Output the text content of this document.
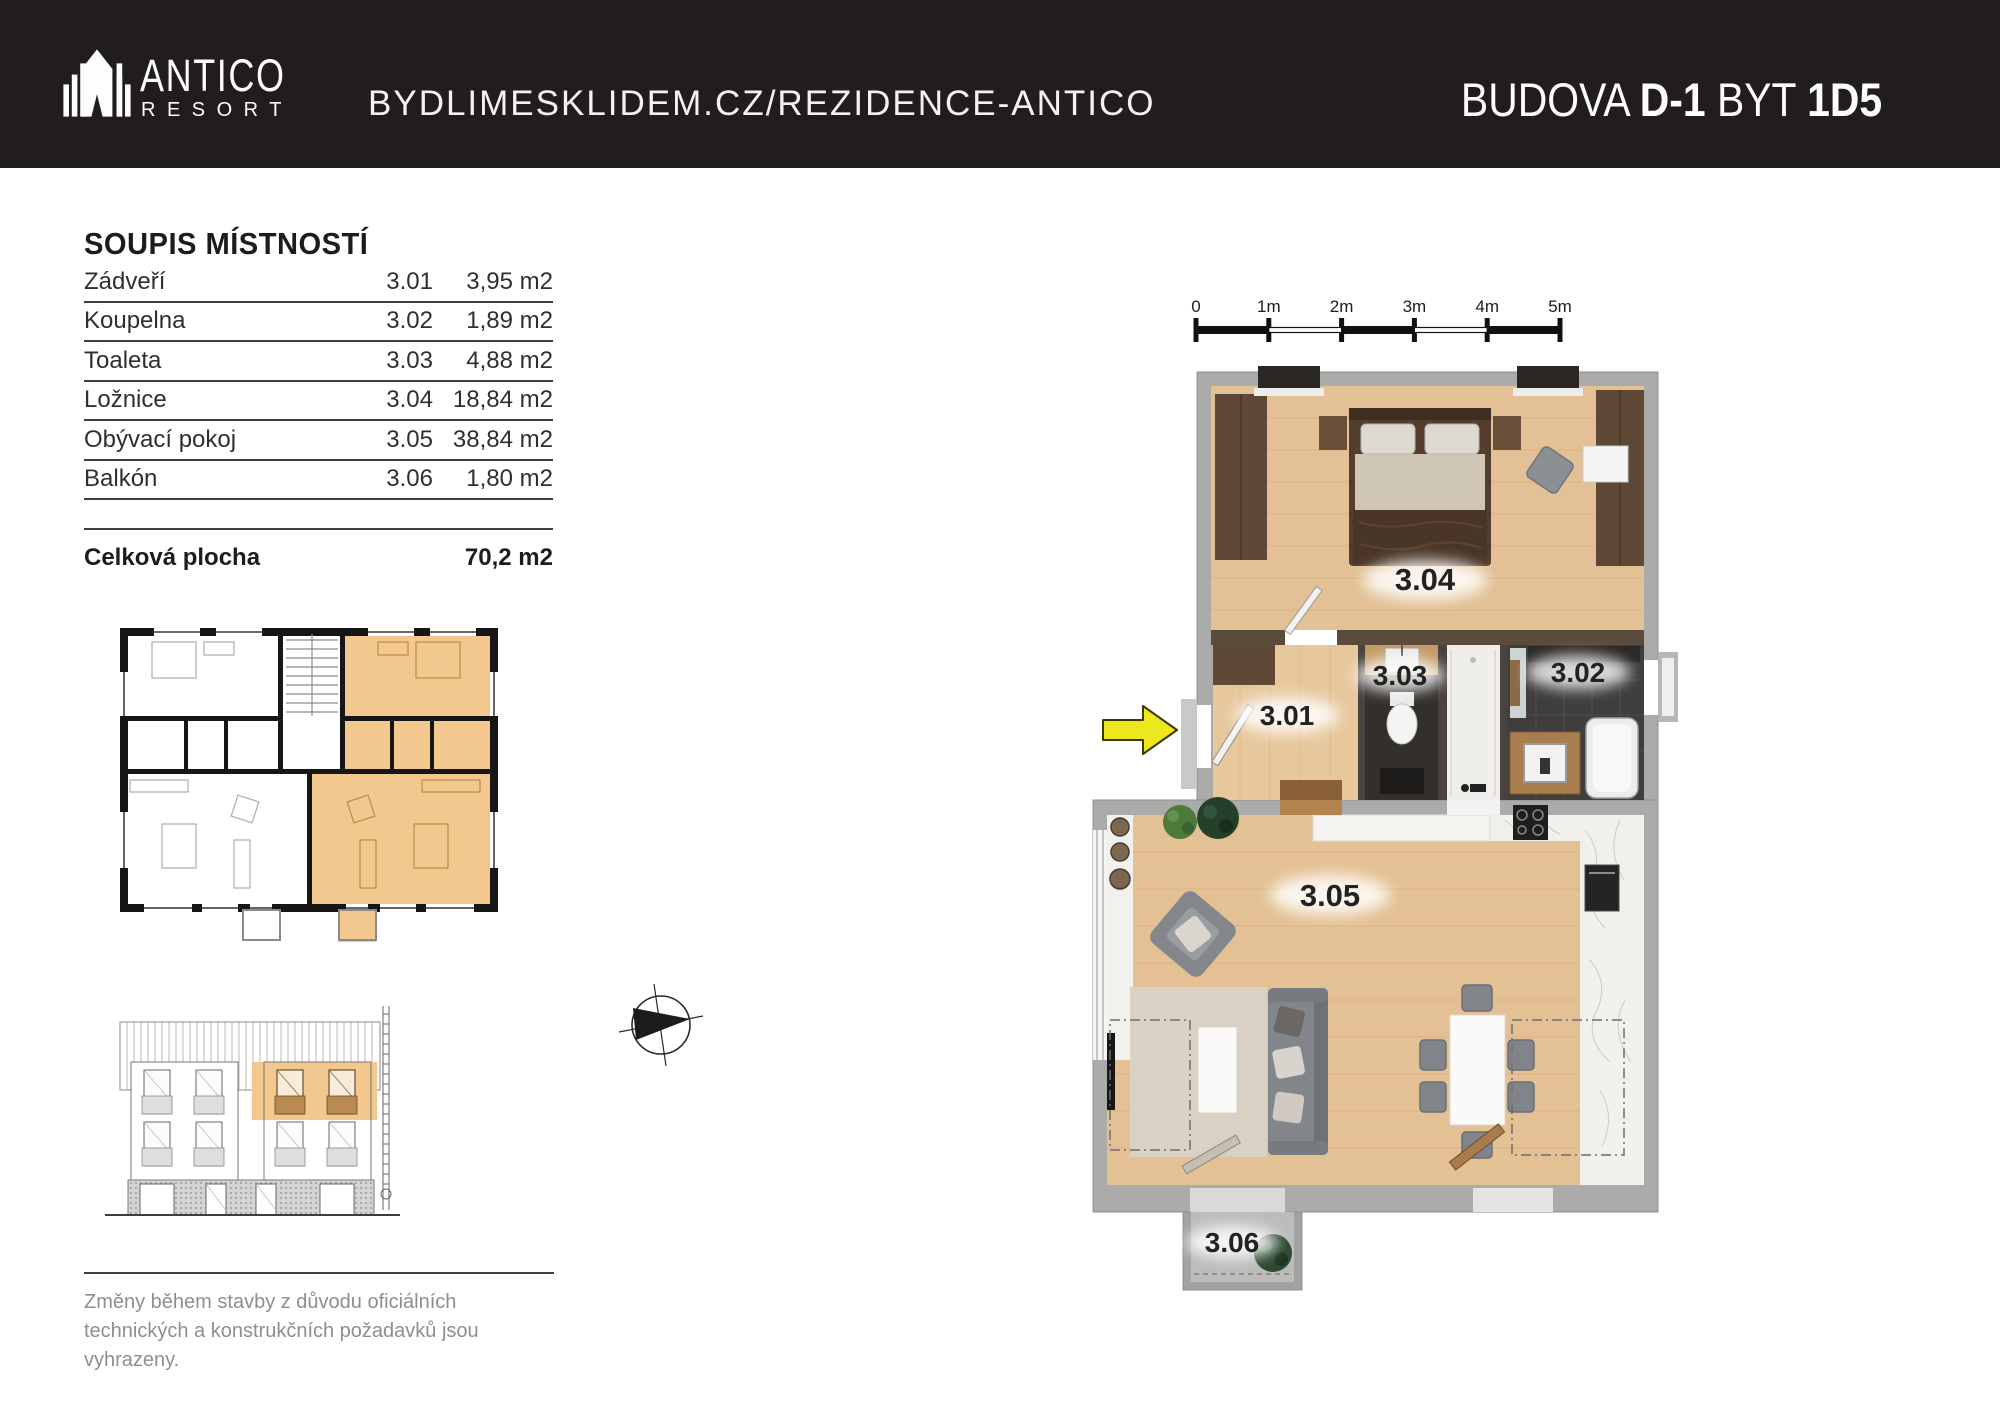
ANTICO
RESORT BYDLIMESKLIDEM.CZ/REZIDENCE-ANTICO	BUDOVA D-1 BYT 1D5
SOUPIS MÍSTNOSTÍ
Zádveří	3.01	3,95 m2
Koupelna	3.02	1,89 m2
Toaleta	3.03	4,88 m2
Ložnice	3.04 18,84 m2
Obývací pokoj	3.05 38,84 m2
Balkón	3.06	1,80 m2
Celková plocha	70,2 m2
Změny během stavby z důvodu oficiálních technických a konstrukčních požadavků jsou vyhrazeny.
0	1m	2m	3m	4m	5m
3.04
3.01
3.03	3.02
3.05
3.06
